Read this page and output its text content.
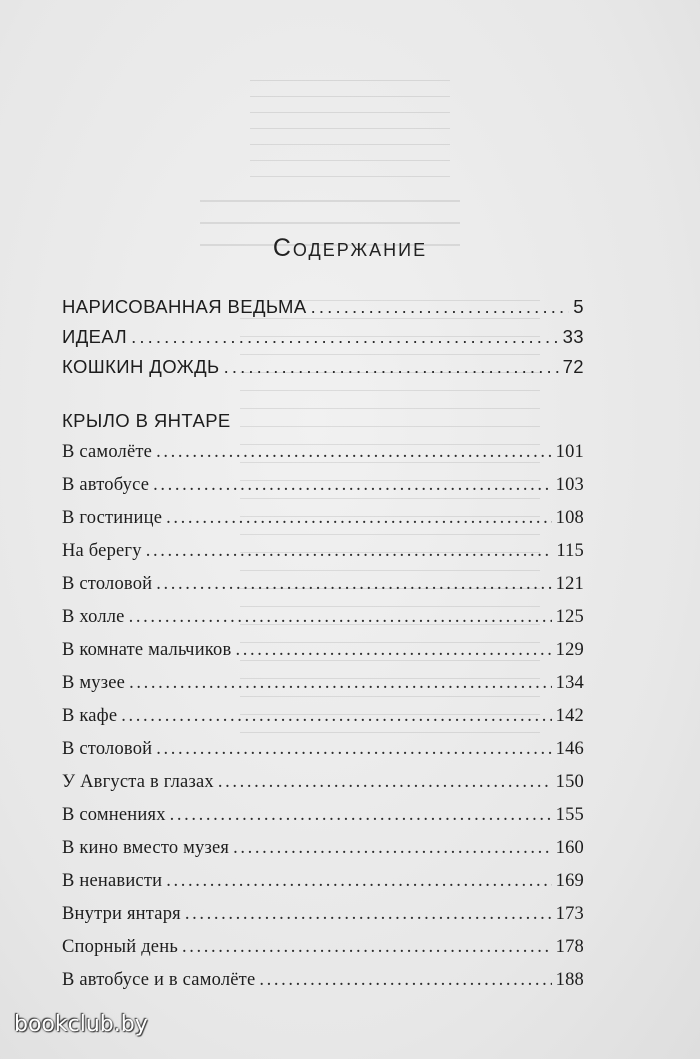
Содержание
НАРИСОВАННАЯ ВЕДЬМА . . .	5
ИДЕАЛ . . .	33
КОШКИН ДОЖДЬ . . .	72
КРЫЛО В ЯНТАРЕ
В самолёте . . .	101
В автобусе . . .	103
В гостинице . . .	108
На берегу . . .	115
В столовой . . .	121
В холле . . .	125
В комнате мальчиков . . .	129
В музее . . .	134
В кафе . . .	142
В столовой . . .	146
У Августа в глазах . . .	150
В сомнениях . . .	155
В кино вместо музея . . .	160
В ненависти . . .	169
Внутри янтаря . . .	173
Спорный день . . .	178
В автобусе и в самолёте . . .	188
bookclub.by
